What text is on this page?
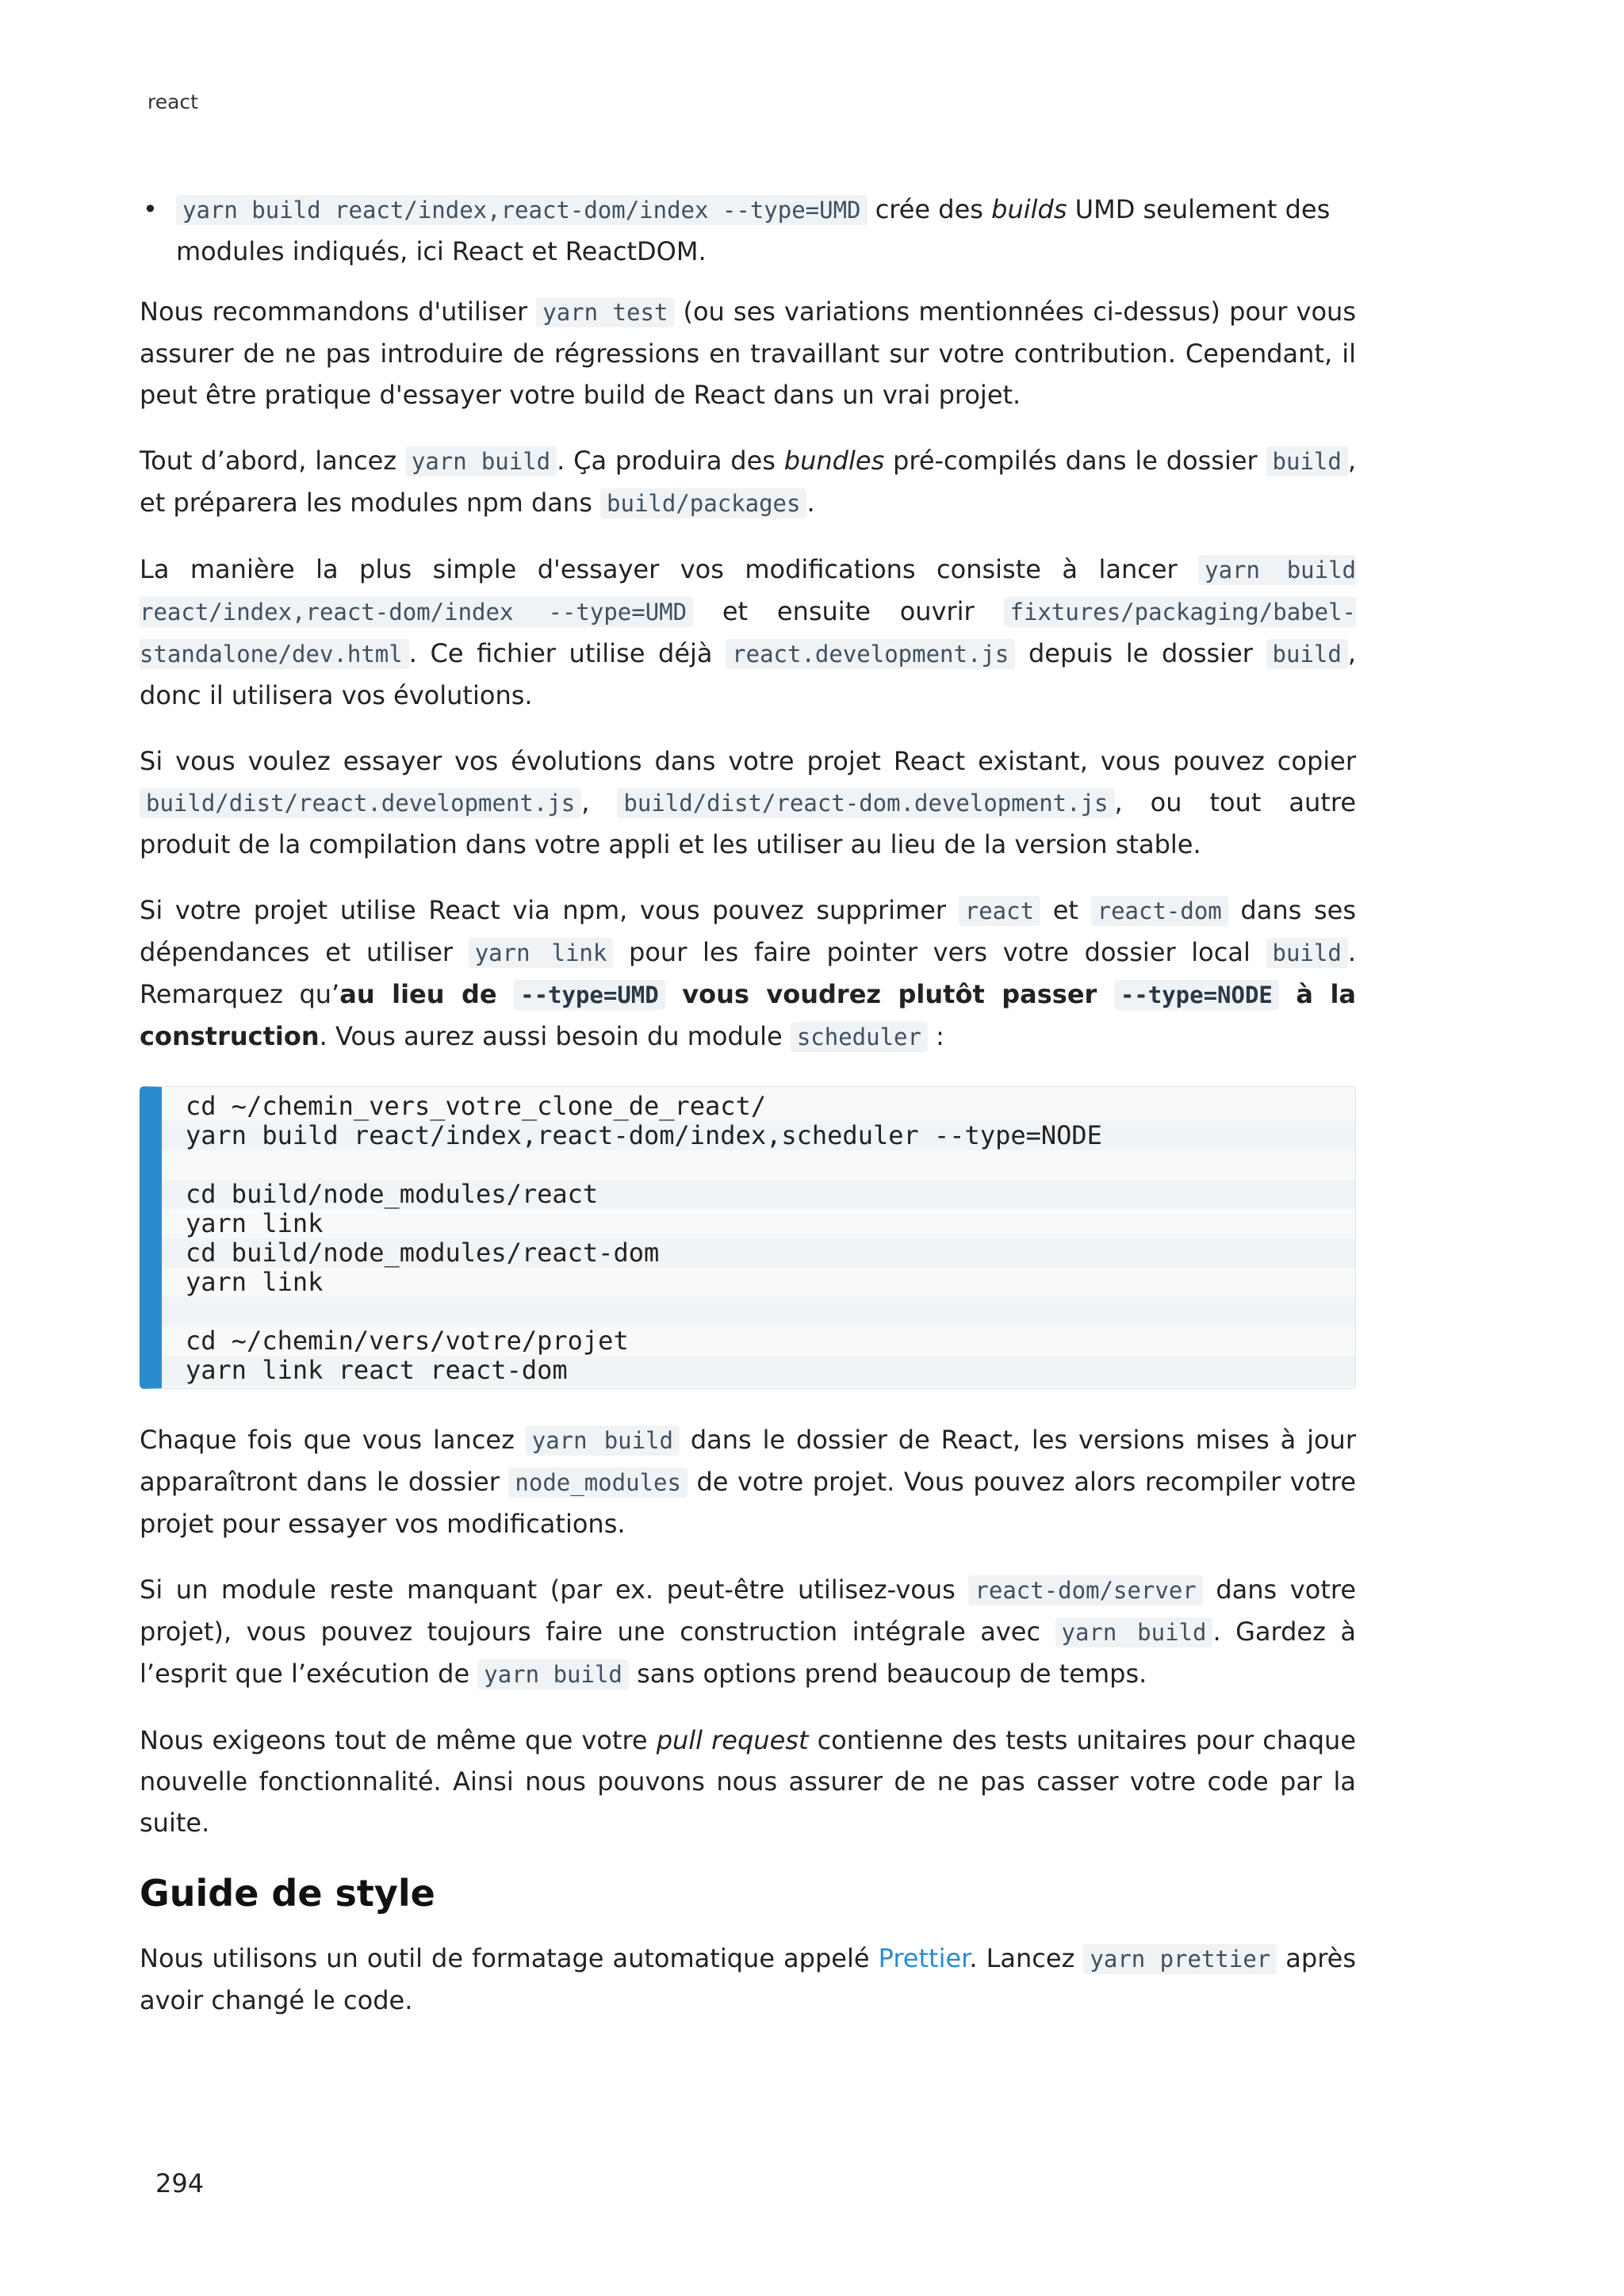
react
• yarn build react/index,react-dom/index --type=UMD crée des builds UMD seulement des modules indiqués, ici React et ReactDOM.

Nous recommandons d'utiliser yarn test (ou ses variations mentionnées ci-dessus) pour vous assurer de ne pas introduire de régressions en travaillant sur votre contribution. Cependant, il peut être pratique d'essayer votre build de React dans un vrai projet.

Tout d’abord, lancez yarn build . Ça produira des bundles pré-compilés dans le dossier build , et préparera les modules npm dans build/packages .

La manière la plus simple d'essayer vos modifications consiste à lancer yarn build react/index,react-dom/index --type=UMD et ensuite ouvrir fixtures/packaging/babel-standalone/dev.html . Ce fichier utilise déjà react.development.js depuis le dossier build , donc il utilisera vos évolutions.

Si vous voulez essayer vos évolutions dans votre projet React existant, vous pouvez copier build/dist/react.development.js , build/dist/react-dom.development.js , ou tout autre produit de la compilation dans votre appli et les utiliser au lieu de la version stable.

Si votre projet utilise React via npm, vous pouvez supprimer react et react-dom dans ses dépendances et utiliser yarn link pour les faire pointer vers votre dossier local build . Remarquez qu’au lieu de --type=UMD vous voudrez plutôt passer --type=NODE à la construction. Vous aurez aussi besoin du module scheduler :

cd ~/chemin_vers_votre_clone_de_react/
yarn build react/index,react-dom/index,scheduler --type=NODE
cd build/node_modules/react
yarn link
cd build/node_modules/react-dom
yarn link
cd ~/chemin/vers/votre/projet
yarn link react react-dom

Chaque fois que vous lancez yarn build dans le dossier de React, les versions mises à jour apparaîtront dans le dossier node_modules de votre projet. Vous pouvez alors recompiler votre projet pour essayer vos modifications.

Si un module reste manquant (par ex. peut-être utilisez-vous react-dom/server dans votre projet), vous pouvez toujours faire une construction intégrale avec yarn build . Gardez à l’esprit que l’exécution de yarn build sans options prend beaucoup de temps.

Nous exigeons tout de même que votre pull request contienne des tests unitaires pour chaque nouvelle fonctionnalité. Ainsi nous pouvons nous assurer de ne pas casser votre code par la suite.

Guide de style

Nous utilisons un outil de formatage automatique appelé Prettier. Lancez yarn prettier après avoir changé le code.

294
